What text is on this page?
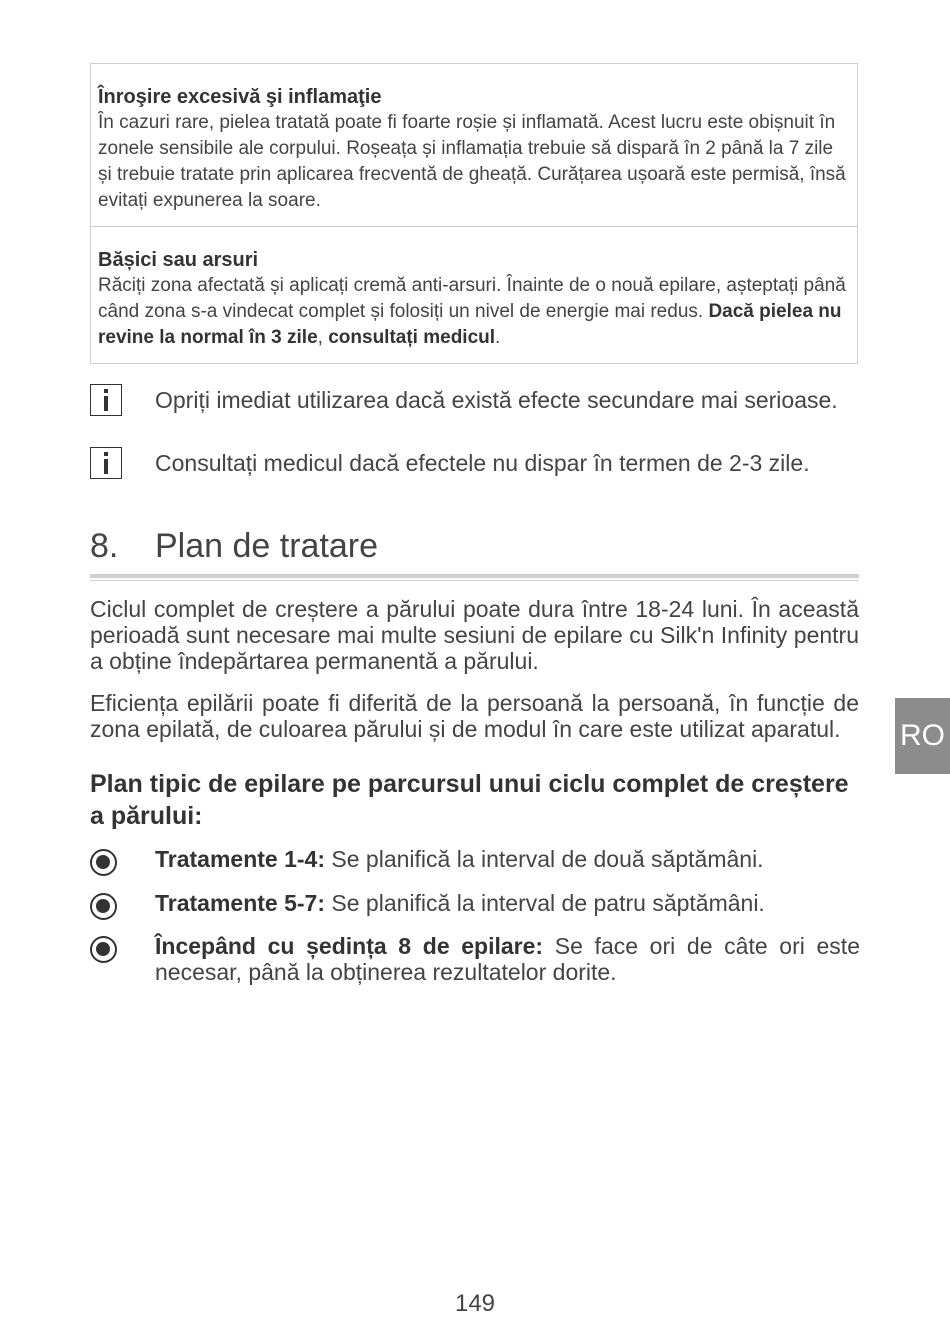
Înroşire excesivă şi inflamaţie
În cazuri rare, pielea tratată poate fi foarte roșie și inflamată. Acest lucru este obișnuit în zonele sensibile ale corpului. Roșeața și inflamația trebuie să dispară în 2 până la 7 zile și trebuie tratate prin aplicarea frecventă de gheață. Curățarea ușoară este permisă, însă evitați expunerea la soare.
Bășici sau arsuri
Răciți zona afectată și aplicați cremă anti-arsuri. Înainte de o nouă epilare, așteptați până când zona s-a vindecat complet și folosiți un nivel de energie mai redus. Dacă pielea nu revine la normal în 3 zile, consultați medicul.
Opriți imediat utilizarea dacă există efecte secundare mai serioase.
Consultați medicul dacă efectele nu dispar în termen de 2-3 zile.
8. Plan de tratare
Ciclul complet de creștere a părului poate dura între 18-24 luni. În această perioadă sunt necesare mai multe sesiuni de epilare cu Silk'n Infinity pentru a obține îndepărtarea permanentă a părului.
Eficiența epilării poate fi diferită de la persoană la persoană, în funcție de zona epilată, de culoarea părului și de modul în care este utilizat aparatul.
Plan tipic de epilare pe parcursul unui ciclu complet de creștere a părului:
Tratamente 1-4: Se planifică la interval de două săptămâni.
Tratamente 5-7: Se planifică la interval de patru săptămâni.
Începând cu ședința 8 de epilare: Se face ori de câte ori este necesar, până la obținerea rezultatelor dorite.
RO
149
